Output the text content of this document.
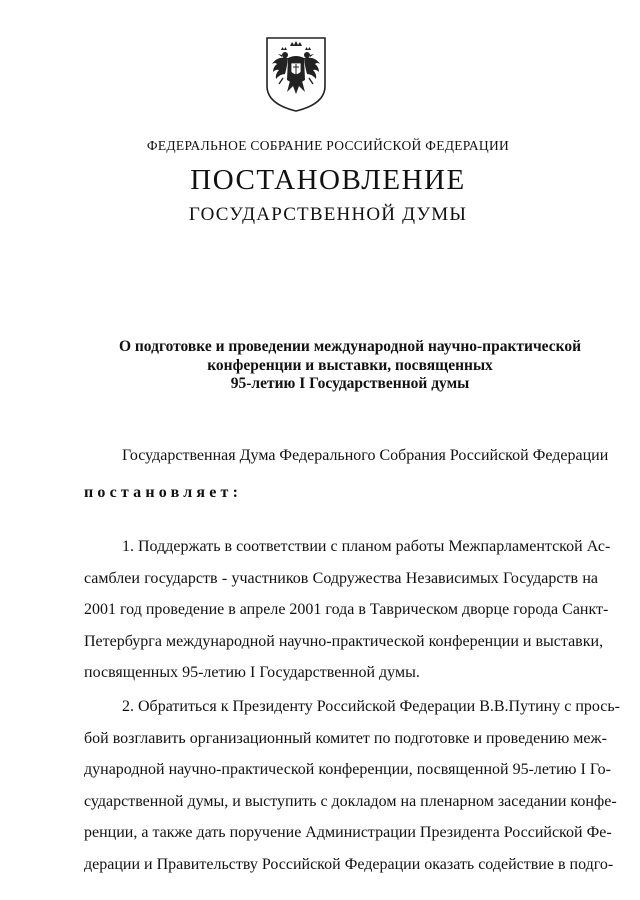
ФЕДЕРАЛЬНОЕ СОБРАНИЕ РОССИЙСКОЙ ФЕДЕРАЦИИ
ПОСТАНОВЛЕНИЕ
ГОСУДАРСТВЕННОЙ ДУМЫ
О подготовке и проведении международной научно-практической
конференции и выставки, посвященных
95-летию I Государственной думы
Государственная Дума Федерального Собрания Российской Федерации
постановляет:
1. Поддержать в соответствии с планом работы Межпарламентской Ас-
самблеи государств - участников Содружества Независимых Государств на
2001 год проведение в апреле 2001 года в Таврическом дворце города Санкт-
Петербурга международной научно-практической конференции и выставки,
посвященных 95-летию I Государственной думы.
2. Обратиться к Президенту Российской Федерации В.В.Путину с прось-
бой возглавить организационный комитет по подготовке и проведению меж-
дународной научно-практической конференции, посвященной 95-летию I Го-
сударственной думы, и выступить с докладом на пленарном заседании конфе-
ренции, а также дать поручение Администрации Президента Российской Фе-
дерации и Правительству Российской Федерации оказать содействие в подго-
